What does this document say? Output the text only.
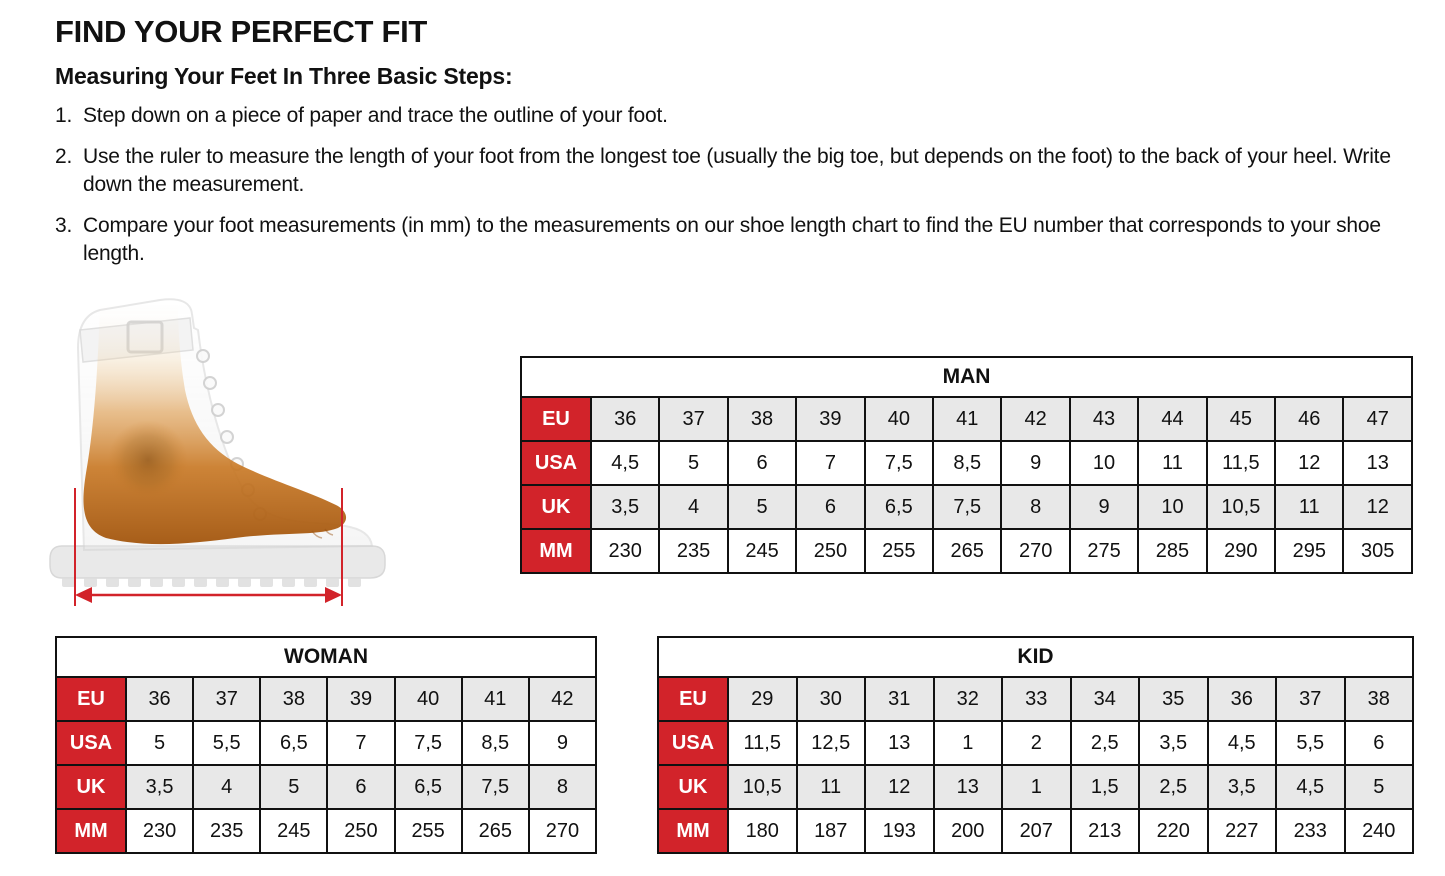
FIND YOUR PERFECT FIT
Measuring Your Feet In Three Basic Steps:
1. Step down on a piece of paper and trace the outline of your foot.
2. Use the ruler to measure the length of your foot from the longest toe (usually the big toe, but depends on the foot) to the back of your heel. Write down the measurement.
3. Compare your foot measurements (in mm) to the measurements on our shoe length chart to find the EU number that corresponds to your shoe length.
MAN												
EU	36	37	38	39	40	41	42	43	44	45	46	47
USA	4,5	5	6	7	7,5	8,5	9	10	11	11,5	12	13
UK	3,5	4	5	6	6,5	7,5	8	9	10	10,5	11	12
MM	230	235	245	250	255	265	270	275	285	290	295	305
WOMAN							
EU	36	37	38	39	40	41	42
USA	5	5,5	6,5	7	7,5	8,5	9
UK	3,5	4	5	6	6,5	7,5	8
MM	230	235	245	250	255	265	270
KID										
EU	29	30	31	32	33	34	35	36	37	38
USA	11,5	12,5	13	1	2	2,5	3,5	4,5	5,5	6
UK	10,5	11	12	13	1	1,5	2,5	3,5	4,5	5
MM	180	187	193	200	207	213	220	227	233	240
